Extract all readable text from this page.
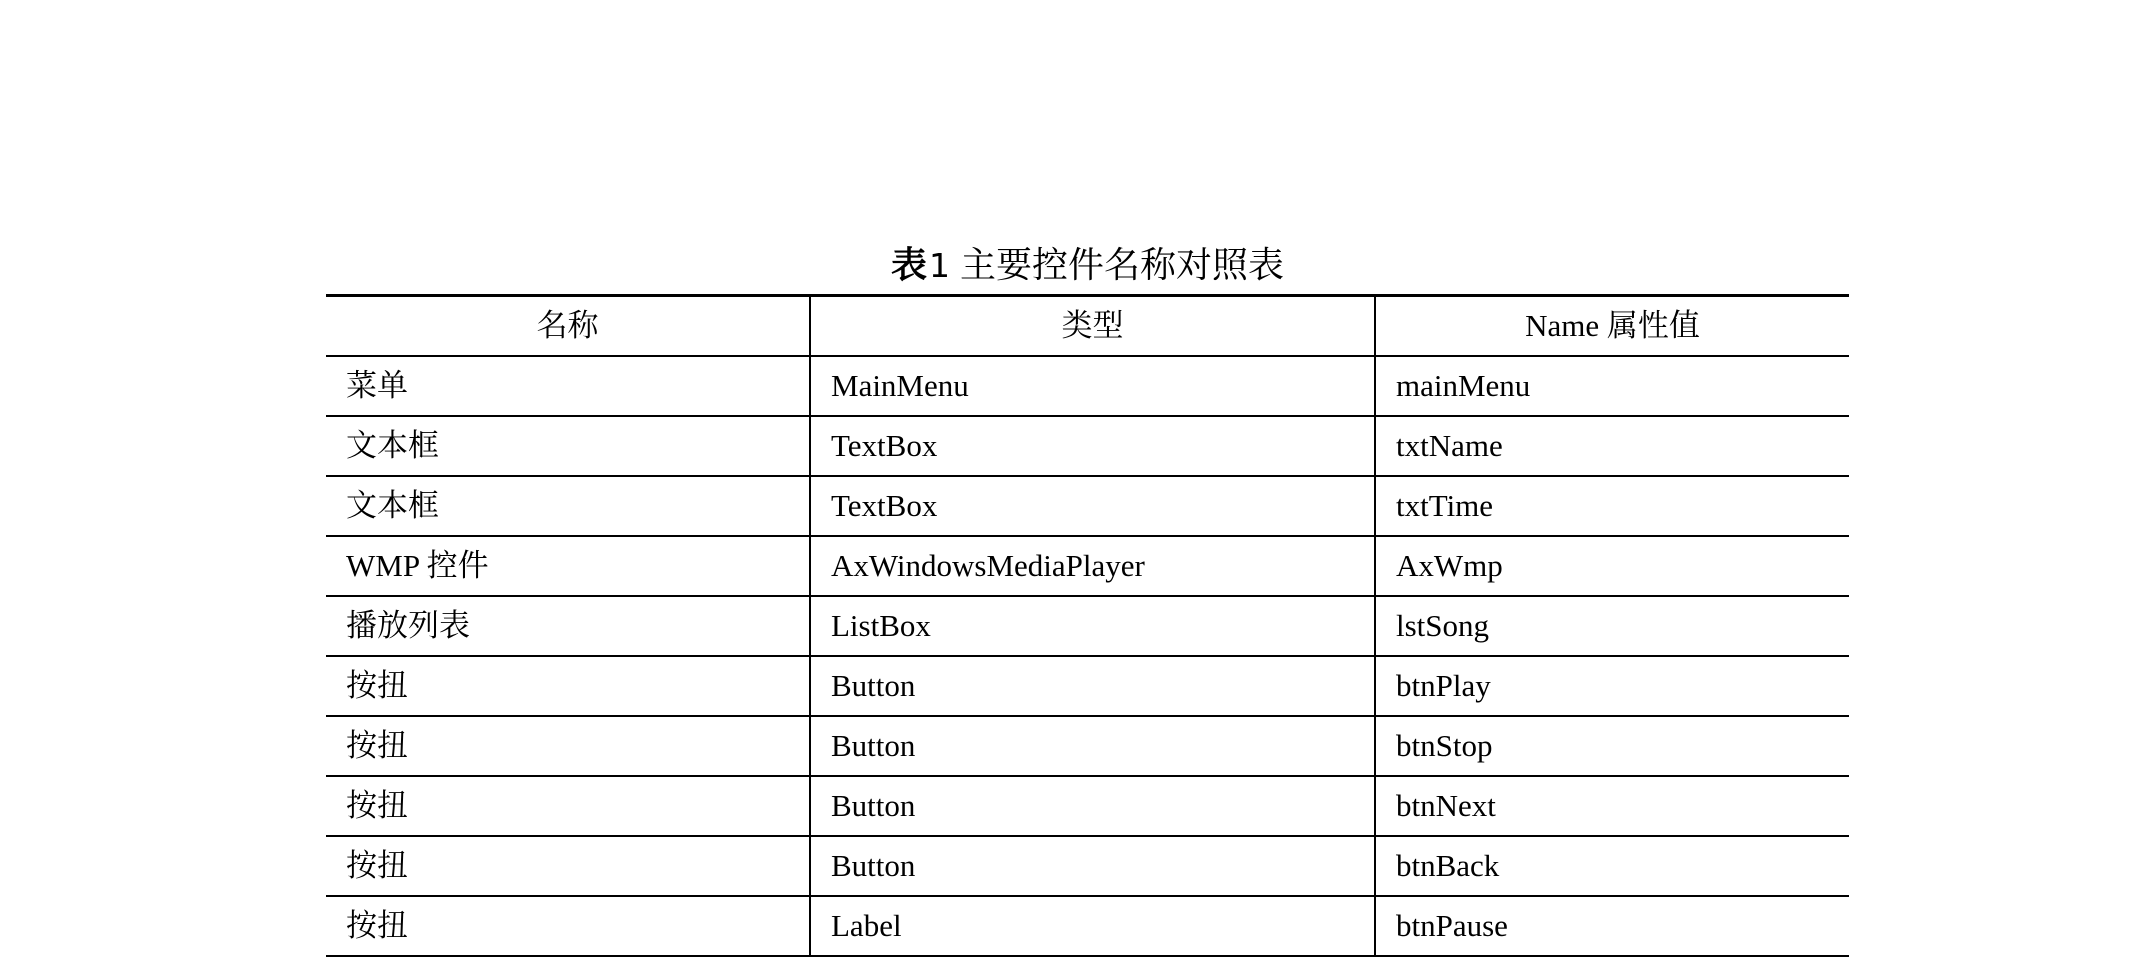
表1 主要控件名称对照表
名称	类型	Name 属性值
菜单	MainMenu	mainMenu
文本框	TextBox	txtName
文本框	TextBox	txtTime
WMP 控件	AxWindowsMediaPlayer	AxWmp
播放列表	ListBox	lstSong
按扭	Button	btnPlay
按扭	Button	btnStop
按扭	Button	btnNext
按扭	Button	btnBack
按扭	Label	btnPause
